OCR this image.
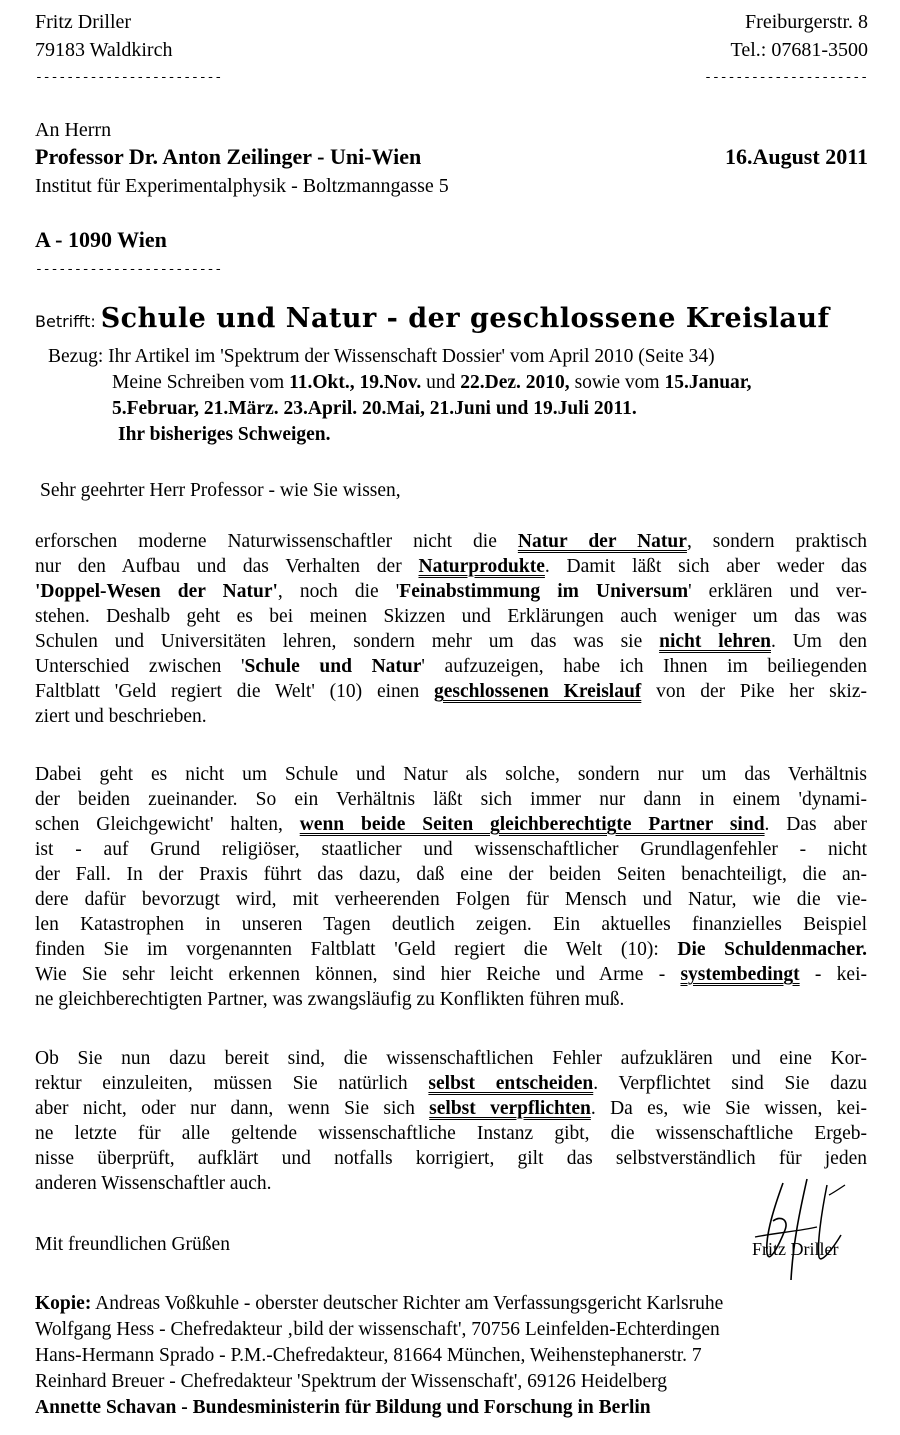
Fritz Driller
79183 Waldkirch
------------------------
Freiburgerstr. 8
Tel.: 07681-3500
---------------------
An Herrn
Professor Dr. Anton Zeilinger - Uni-Wien	16.August 2011
Institut für Experimentalphysik - Boltzmanngasse 5
A - 1090 Wien
------------------------
Betrifft: Schule und Natur - der geschlossene Kreislauf
Bezug: Ihr Artikel im 'Spektrum der Wissenschaft Dossier' vom April 2010 (Seite 34)
Meine Schreiben vom 11.Okt., 19.Nov. und 22.Dez. 2010, sowie vom 15.Januar,
5.Februar, 21.März. 23.April. 20.Mai, 21.Juni und 19.Juli 2011.
Ihr bisheriges Schweigen.
Sehr geehrter Herr Professor - wie Sie wissen,
erforschen moderne Naturwissenschaftler nicht die Natur der Natur, sondern praktisch
nur den Aufbau und das Verhalten der Naturprodukte. Damit läßt sich aber weder das
'Doppel-Wesen der Natur', noch die 'Feinabstimmung im Universum' erklären und ver-
stehen. Deshalb geht es bei meinen Skizzen und Erklärungen auch weniger um das was
Schulen und Universitäten lehren, sondern mehr um das was sie nicht lehren. Um den
Unterschied zwischen 'Schule und Natur' aufzuzeigen, habe ich Ihnen im beiliegenden
Faltblatt 'Geld regiert die Welt' (10) einen geschlossenen Kreislauf von der Pike her skiz-
ziert und beschrieben.
Dabei geht es nicht um Schule und Natur als solche, sondern nur um das Verhältnis
der beiden zueinander. So ein Verhältnis läßt sich immer nur dann in einem 'dynami-
schen Gleichgewicht' halten, wenn beide Seiten gleichberechtigte Partner sind. Das aber
ist - auf Grund religiöser, staatlicher und wissenschaftlicher Grundlagenfehler - nicht
der Fall. In der Praxis führt das dazu, daß eine der beiden Seiten benachteiligt, die an-
dere dafür bevorzugt wird, mit verheerenden Folgen für Mensch und Natur, wie die vie-
len Katastrophen in unseren Tagen deutlich zeigen. Ein aktuelles finanzielles Beispiel
finden Sie im vorgenannten Faltblatt 'Geld regiert die Welt (10): Die Schuldenmacher.
Wie Sie sehr leicht erkennen können, sind hier Reiche und Arme - systembedingt - kei-
ne gleichberechtigten Partner, was zwangsläufig zu Konflikten führen muß.
Ob Sie nun dazu bereit sind, die wissenschaftlichen Fehler aufzuklären und eine Kor-
rektur einzuleiten, müssen Sie natürlich selbst entscheiden. Verpflichtet sind Sie dazu
aber nicht, oder nur dann, wenn Sie sich selbst verpflichten. Da es, wie Sie wissen, kei-
ne letzte für alle geltende wissenschaftliche Instanz gibt, die wissenschaftliche Ergeb-
nisse überprüft, aufklärt und notfalls korrigiert, gilt das selbstverständlich für jeden
anderen Wissenschaftler auch.
Mit freundlichen Grüßen	Fritz Driller
Kopie: Andreas Voßkuhle - oberster deutscher Richter am Verfassungsgericht Karlsruhe
Wolfgang Hess - Chefredakteur ‚bild der wissenschaft', 70756 Leinfelden-Echterdingen
Hans-Hermann Sprado - P.M.-Chefredakteur, 81664 München, Weihenstephanerstr. 7
Reinhard Breuer - Chefredakteur 'Spektrum der Wissenschaft', 69126 Heidelberg
Annette Schavan - Bundesministerin für Bildung und Forschung in Berlin
